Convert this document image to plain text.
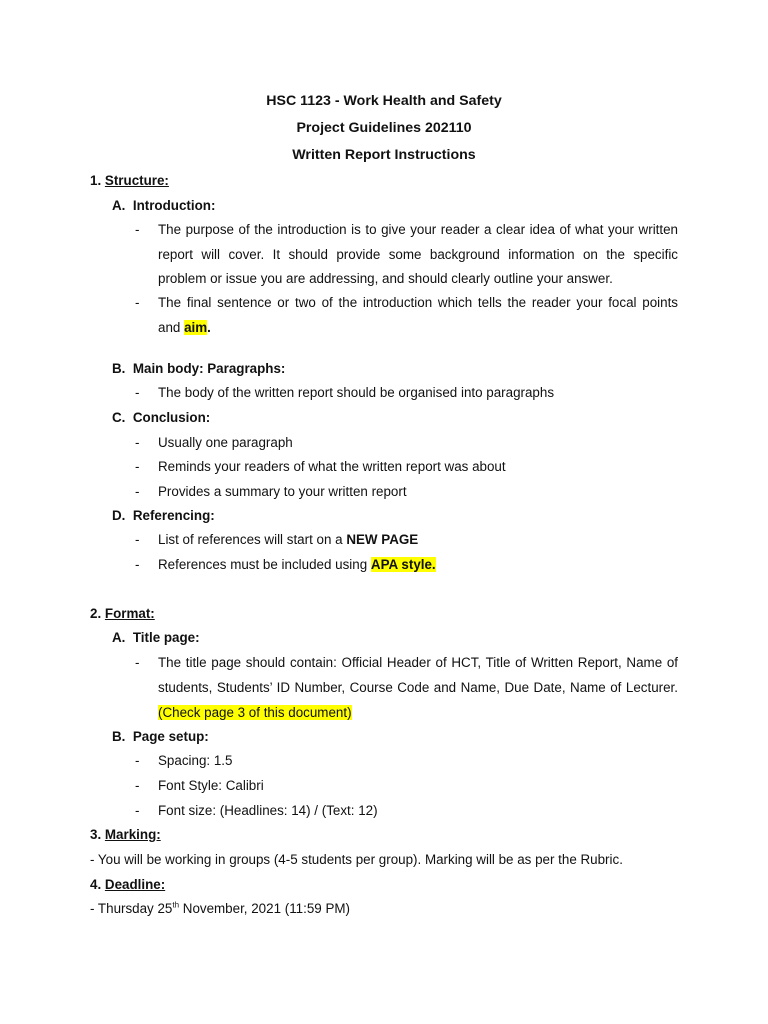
HSC 1123 - Work Health and Safety
Project Guidelines 202110
Written Report Instructions
1. Structure:
A. Introduction:
- The purpose of the introduction is to give your reader a clear idea of what your written
report will cover. It should provide some background information on the specific
problem or issue you are addressing, and should clearly outline your answer.
- The final sentence or two of the introduction which tells the reader your focal points
and aim.
B. Main body: Paragraphs:
- The body of the written report should be organised into paragraphs
C. Conclusion:
- Usually one paragraph
- Reminds your readers of what the written report was about
- Provides a summary to your written report
D. Referencing:
- List of references will start on a NEW PAGE
- References must be included using APA style.
2. Format:
A. Title page:
- The title page should contain: Official Header of HCT, Title of Written Report, Name of
students, Students’ ID Number, Course Code and Name, Due Date, Name of Lecturer.
(Check page 3 of this document)
B. Page setup:
- Spacing: 1.5
- Font Style: Calibri
- Font size: (Headlines: 14) / (Text: 12)
3. Marking:
- You will be working in groups (4-5 students per group). Marking will be as per the Rubric.
4. Deadline:
- Thursday 25th November, 2021 (11:59 PM)
